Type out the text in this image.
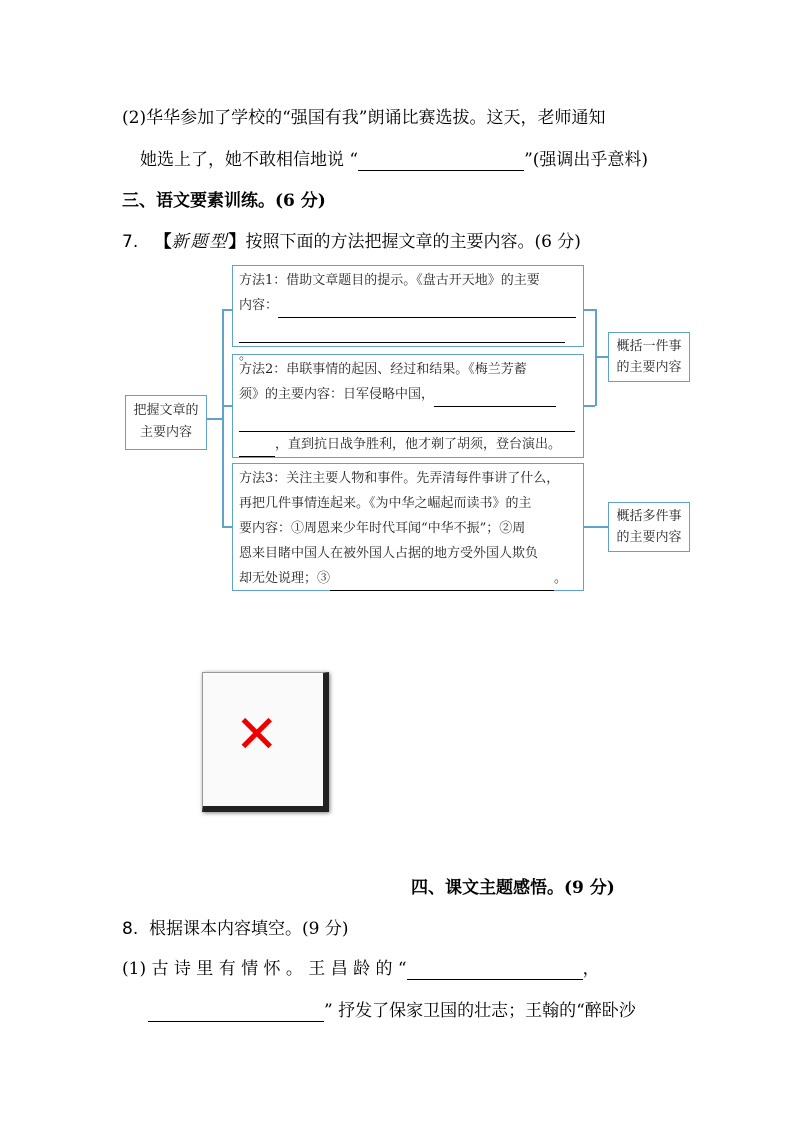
(2)华华参加了学校的“强国有我”朗诵比赛选拔。这天，老师通知
她选上了，她不敢相信地说 “	”(强调出乎意料)
三、语文要素训练。(6 分)
7. 【新题型】按照下面的方法把握文章的主要内容。(6 分)
把握文章的
主要内容
方法1：借助文章题目的提示。《盘古开天地》的主要
内容：
。
方法2：串联事情的起因、经过和结果。《梅兰芳蓄
须》的主要内容：日军侵略中国，
，直到抗日战争胜利，他才剃了胡须，登台演出。
方法3：关注主要人物和事件。先弄清每件事讲了什么，
再把几件事情连起来。《为中华之崛起而读书》的主
要内容：①周恩来少年时代耳闻“中华不振”；②周
恩来目睹中国人在被外国人占据的地方受外国人欺负
却无处说理；③	。
概括一件事
的主要内容
概括多件事
的主要内容
✕
四、课文主题感悟。(9 分)
8. 根据课本内容填空。(9 分)
(1) 古 诗 里 有 情 怀 。 王 昌 龄 的 “	，
” 抒发了保家卫国的壮志；王翰的“醉卧沙
